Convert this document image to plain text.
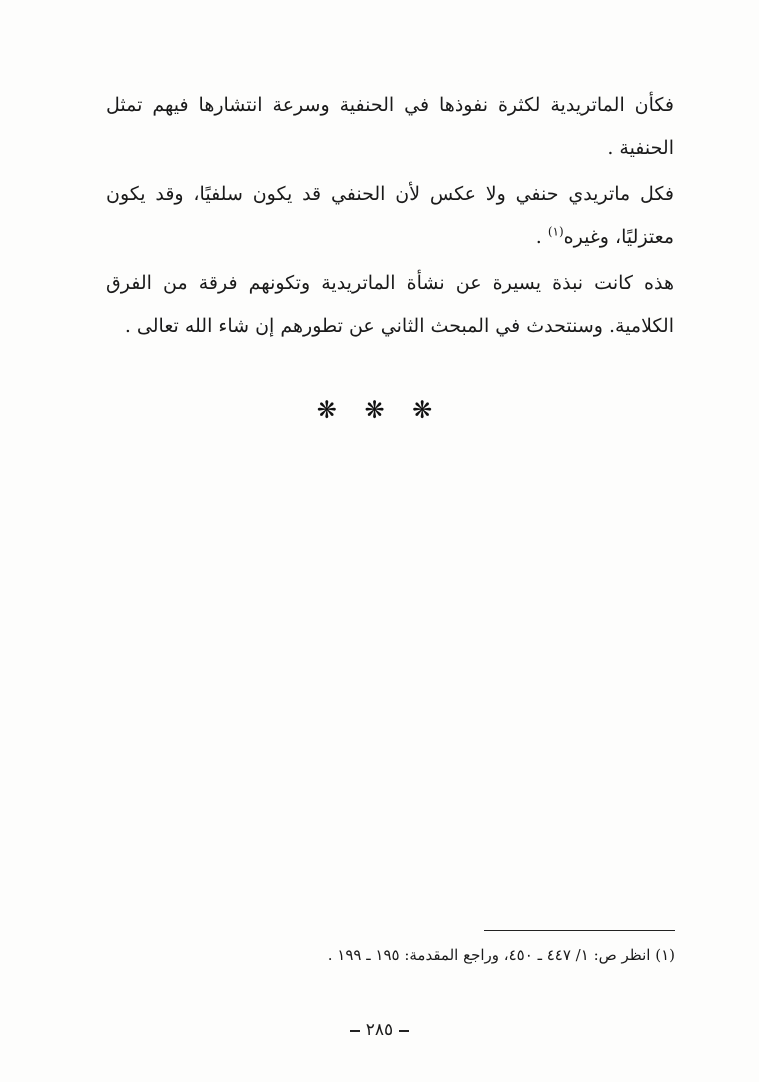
فكأن الماتريدية لكثرة نفوذها في الحنفية وسرعة انتشارها فيهم تمثل الحنفية .

فكل ماتريدي حنفي ولا عكس لأن الحنفي قد يكون سلفيًا، وقد يكون معتزليًا، وغيره$^{(١)}$ .

هذه كانت نبذة يسيرة عن نشأة الماتريدية وتكونهم فرقة من الفرق الكلامية. وسنتحدث في المبحث الثاني عن تطورهم إن شاء الله تعالى .

❋ ❋ ❋
(١) انظر ص: ١/ ٤٤٧ ـ ٤٥٠، وراجع المقدمة: ١٩٥ ـ ١٩٩ .
٢٨٥
